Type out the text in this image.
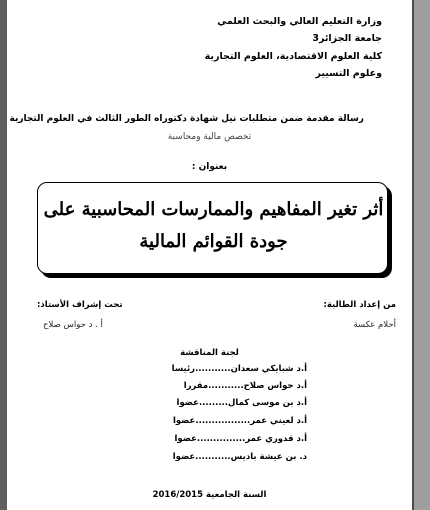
وزارة التعليم العالي والبحث العلمي
جامعة الجزائر3
كلية العلوم الاقتصادية، العلوم التجارية
وعلوم التسيير
رسالة مقدمة ضمن متطلبات نيل شهادة دكتوراه الطور الثالث في العلوم التجارية
تخصص مالية ومحاسبة
بعنوان :
أثر تغير المفاهيم والممارسات المحاسبية على
جودة القوائم المالية
من إعداد الطالبة:
أحلام عكسة
تحت إشراف الأستاذ:
أ . د حواس صلاح
لجنة المناقشة
أ.د شبايكي سعدان...........رئيسا
أ.د حواس صلاح...........مقررا
أ.د بن موسى كمال.........عضوا
أ.د لعيني عمر.................عضوا
أ.د قدوري عمر...............عضوا
د. بن عيشة باديس...........عضوا
السنة الجامعية 2016/2015
